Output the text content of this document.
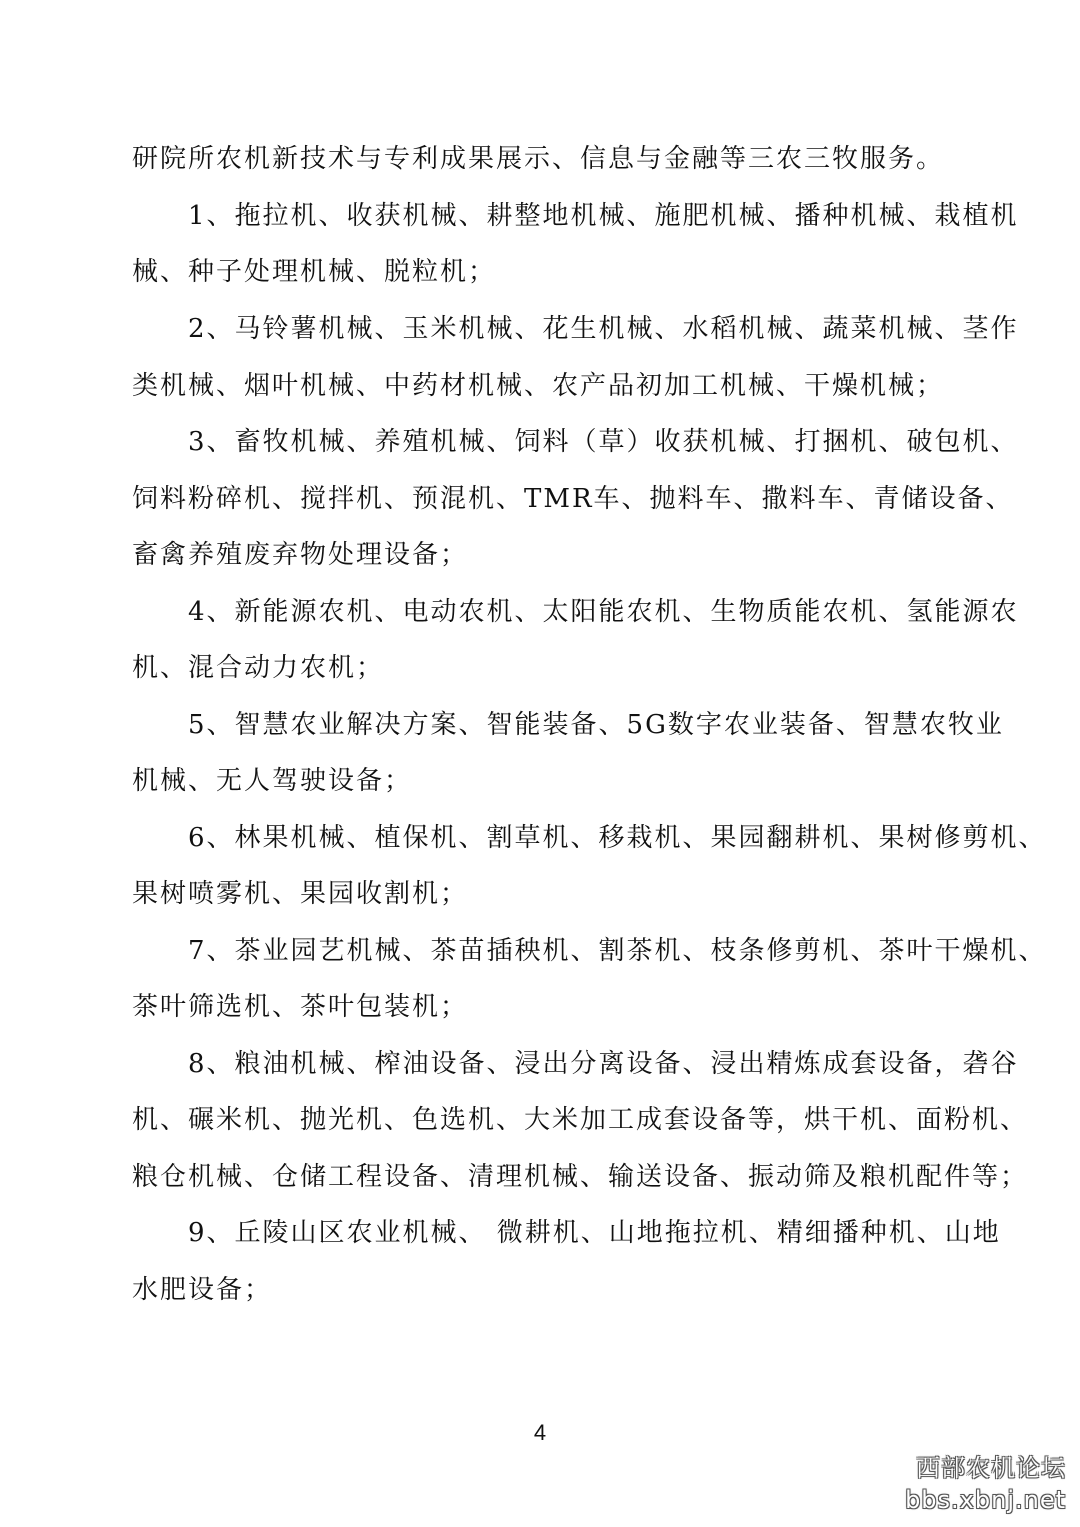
研院所农机新技术与专利成果展示、信息与金融等三农三牧服务。
1、拖拉机、收获机械、耕整地机械、施肥机械、播种机械、栽植机
械、种子处理机械、脱粒机；
2、马铃薯机械、玉米机械、花生机械、水稻机械、蔬菜机械、茎作
类机械、烟叶机械、中药材机械、农产品初加工机械、干燥机械；
3、畜牧机械、养殖机械、饲料（草）收获机械、打捆机、破包机、
饲料粉碎机、搅拌机、预混机、TMR车、抛料车、撒料车、青储设备、
畜禽养殖废弃物处理设备；
4、新能源农机、电动农机、太阳能农机、生物质能农机、氢能源农
机、混合动力农机；
5、智慧农业解决方案、智能装备、5G数字农业装备、智慧农牧业
机械、无人驾驶设备；
6、林果机械、植保机、割草机、移栽机、果园翻耕机、果树修剪机、
果树喷雾机、果园收割机；
7、茶业园艺机械、茶苗插秧机、割茶机、枝条修剪机、茶叶干燥机、
茶叶筛选机、茶叶包装机；
8、粮油机械、榨油设备、浸出分离设备、浸出精炼成套设备，砻谷
机、碾米机、抛光机、色选机、大米加工成套设备等，烘干机、面粉机、
粮仓机械、仓储工程设备、清理机械、输送设备、振动筛及粮机配件等；
9、丘陵山区农业机械、 微耕机、山地拖拉机、精细播种机、山地
水肥设备；
4
西部农机论坛
bbs.xbnj.net
